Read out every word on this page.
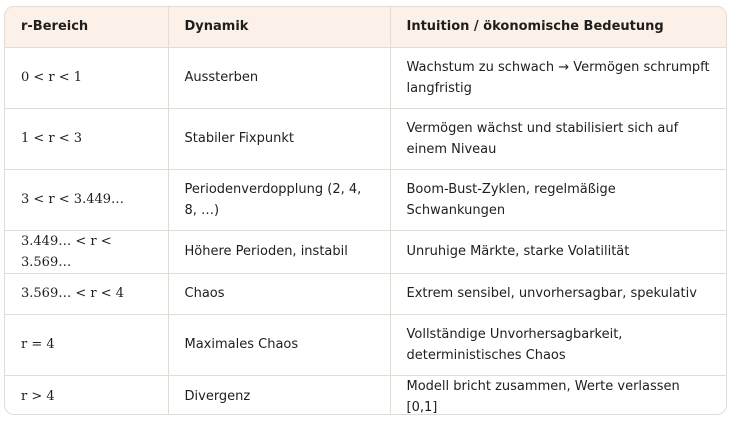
r-Bereich	Dynamik	Intuition / ökonomische Bedeutung
0 < r < 1	Aussterben	Wachstum zu schwach → Vermögen schrumpft langfristig
1 < r < 3	Stabiler Fixpunkt	Vermögen wächst und stabilisiert sich auf einem Niveau
3 < r < 3.449…	Periodenverdopplung (2, 4, 8, …)	Boom-Bust-Zyklen, regelmäßige Schwankungen
3.449… < r < 3.569…	Höhere Perioden, instabil	Unruhige Märkte, starke Volatilität
3.569… < r < 4	Chaos	Extrem sensibel, unvorhersagbar, spekulativ
r = 4	Maximales Chaos	Vollständige Unvorhersagbarkeit, deterministisches Chaos
r > 4	Divergenz	Modell bricht zusammen, Werte verlassen [0,1]
